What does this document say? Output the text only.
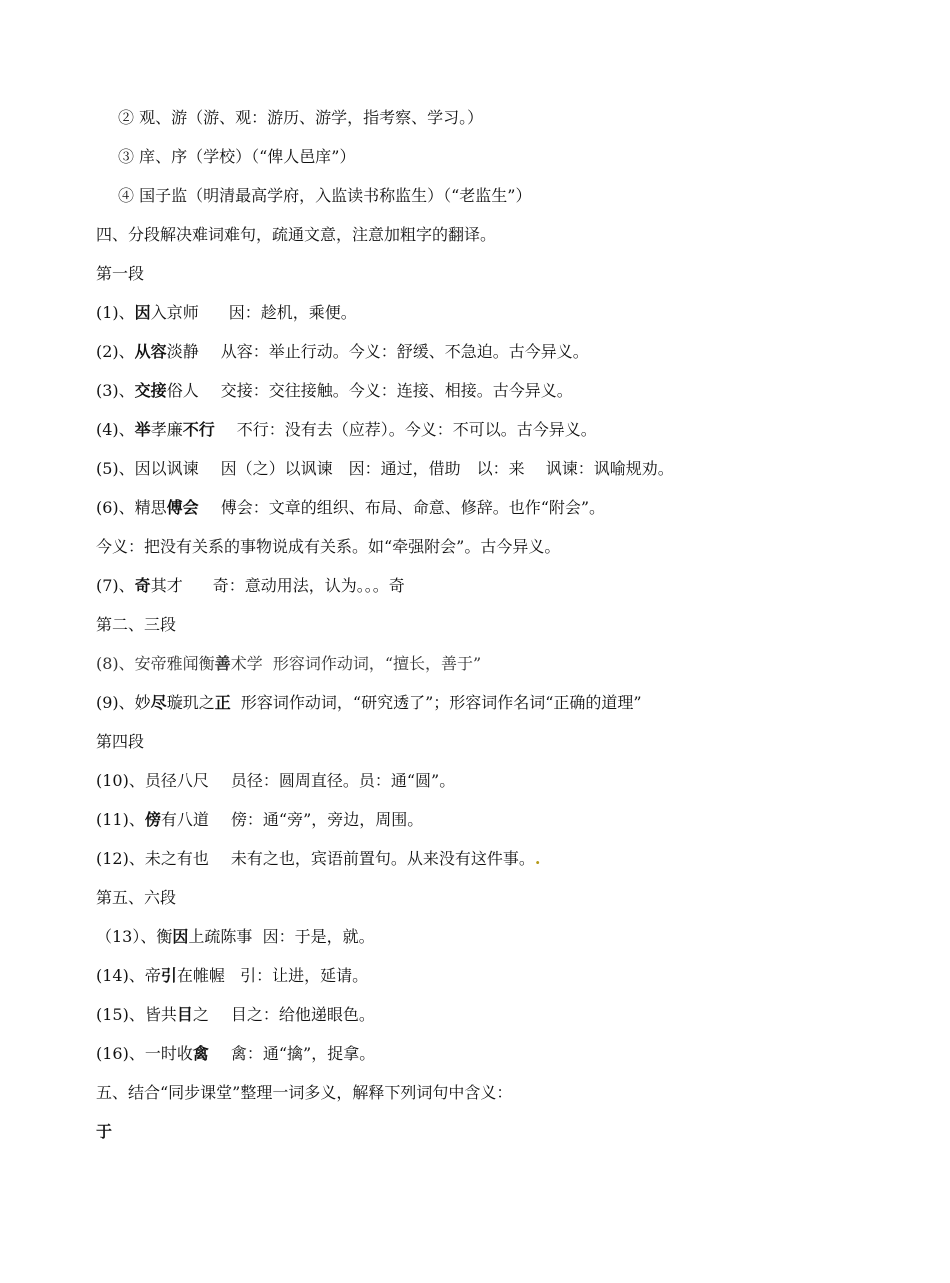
② 观、游（游、观：游历、游学，指考察、学习。）
③ 庠、序（学校）（“俾人邑庠”）
④ 国子监（明清最高学府，入监读书称监生）（“老监生”）
四、分段解决难词难句，疏通文意，注意加粗字的翻译。
第一段
(1)、因入京师 因：趁机，乘便。
(2)、从容淡静 从容：举止行动。今义：舒缓、不急迫。古今异义。
(3)、交接俗人 交接：交往接触。今义：连接、相接。古今异义。
(4)、举孝廉不行 不行：没有去（应荐）。今义：不可以。古今异义。
(5)、因以讽谏 因（之）以讽谏　因：通过，借助　以：来　 讽谏：讽喻规劝。
(6)、精思傅会 傅会：文章的组织、布局、命意、修辞。也作“附会”。
今义：把没有关系的事物说成有关系。如“牵强附会”。古今异义。
(7)、奇其才 奇：意动用法，认为。。。奇
第二、三段
(8)、安帝雅闻衡善术学 形容词作动词，“擅长，善于”
(9)、妙尽璇玑之正 形容词作动词，“研究透了”；形容词作名词“正确的道理”
第四段
(10)、员径八尺 员径：圆周直径。员：通“圆”。
(11)、傍有八道 傍：通“旁”，旁边，周围。
(12)、未之有也 未有之也，宾语前置句。从来没有这件事。.
第五、六段
（13）、衡因上疏陈事 因：于是，就。
(14)、帝引在帷幄 引：让进，延请。
(15)、皆共目之 目之：给他递眼色。
(16)、一时收禽 禽：通“擒”，捉拿。
五、结合“同步课堂”整理一词多义，解释下列词句中含义：
于
